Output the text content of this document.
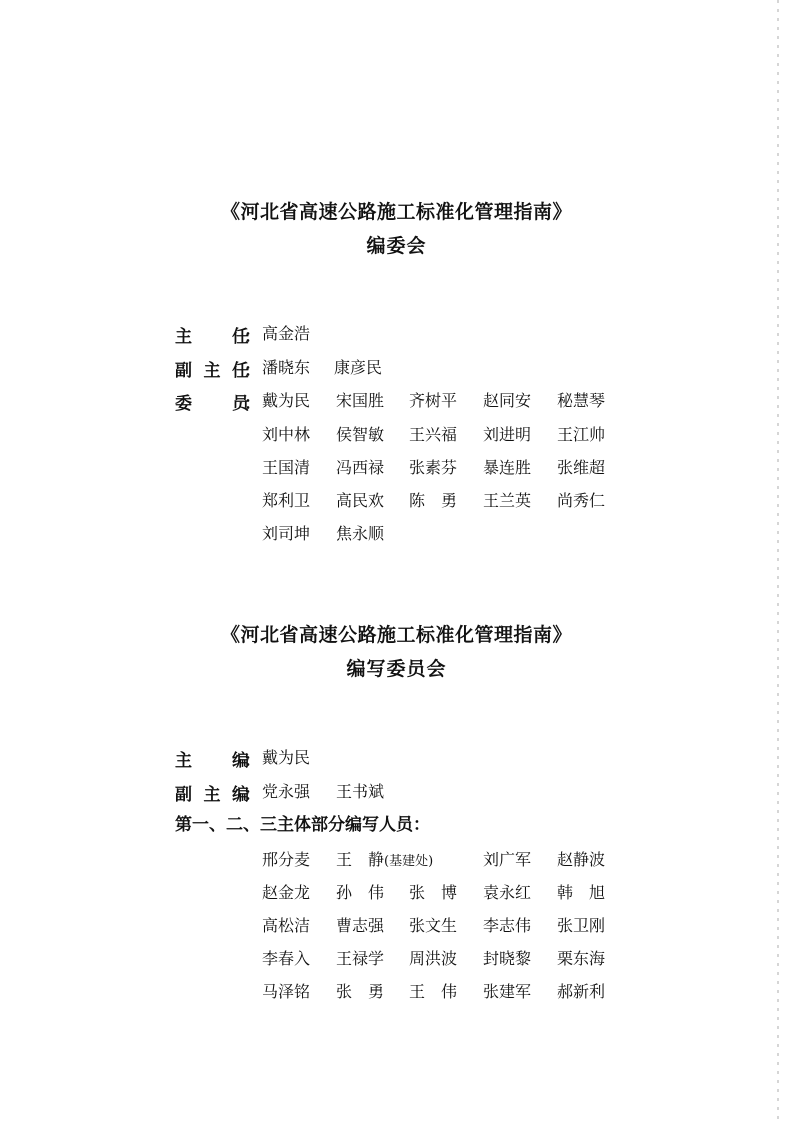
《河北省高速公路施工标准化管理指南》
编委会
主 任
： 高金浩
副 主 任
： 潘晓东 康彦民
委 员
： 戴为民 宋国胜 齐树平 赵同安 秘慧琴
刘中林 侯智敏 王兴福 刘进明 王江帅
王国清 冯西禄 张素芬 暴连胜 张维超
郑利卫 高民欢 陈　勇 王兰英 尚秀仁
刘司坤 焦永顺
《河北省高速公路施工标准化管理指南》
编写委员会
主 编
： 戴为民
副 主 编
： 党永强 王书斌
第一、二、三主体部分编写人员：
邢分麦 王　静(基建处)	刘广军 赵静波
赵金龙 孙　伟 张　博 袁永红 韩　旭
高松洁 曹志强 张文生 李志伟 张卫刚
李春入 王禄学 周洪波 封晓黎 栗东海
马泽铭 张　勇 王　伟 张建军 郝新利
